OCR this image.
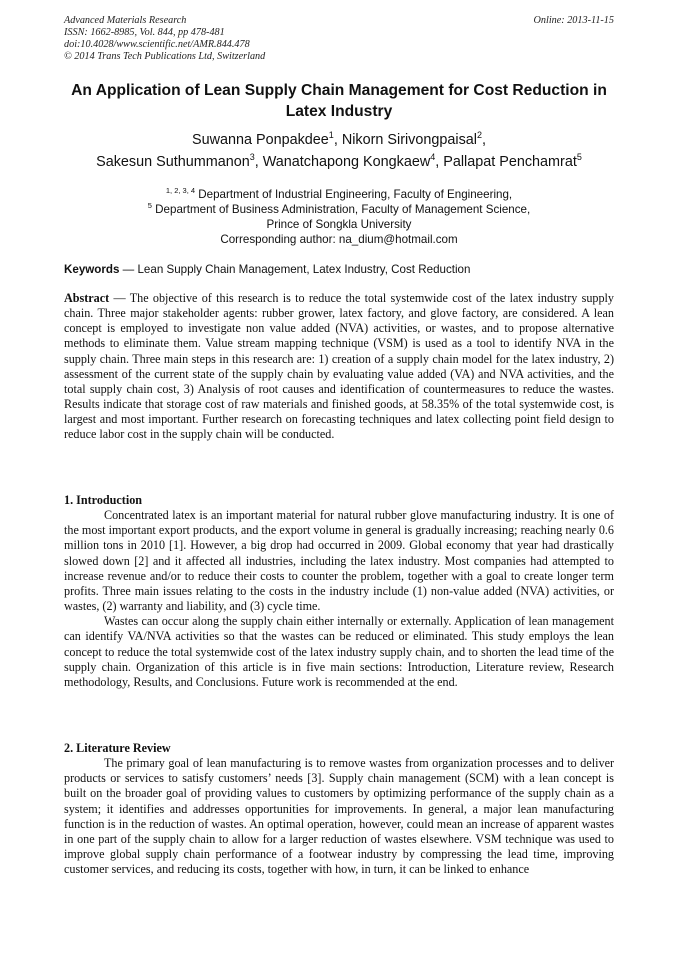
Advanced Materials Research
ISSN: 1662-8985, Vol. 844, pp 478-481
doi:10.4028/www.scientific.net/AMR.844.478
© 2014 Trans Tech Publications Ltd, Switzerland
Online: 2013-11-15
An Application of Lean Supply Chain Management for Cost Reduction in Latex Industry
Suwanna Ponpakdee$^1$, Nikorn Sirivongpaisal$^2$,
Sakesun Suthummanon$^3$, Wanatchapong Kongkaew$^4$, Pallapat Penchamrat$^5$
$^{1, 2, 3, 4}$ Department of Industrial Engineering, Faculty of Engineering,
$^5$ Department of Business Administration, Faculty of Management Science,
Prince of Songkla University
Corresponding author: na_dium@hotmail.com
Keywords — Lean Supply Chain Management, Latex Industry, Cost Reduction
Abstract — The objective of this research is to reduce the total systemwide cost of the latex industry supply chain. Three major stakeholder agents: rubber grower, latex factory, and glove factory, are considered. A lean concept is employed to investigate non value added (NVA) activities, or wastes, and to propose alternative methods to eliminate them. Value stream mapping technique (VSM) is used as a tool to identify NVA in the supply chain. Three main steps in this research are: 1) creation of a supply chain model for the latex industry, 2) assessment of the current state of the supply chain by evaluating value added (VA) and NVA activities, and the total supply chain cost, 3) Analysis of root causes and identification of countermeasures to reduce the wastes. Results indicate that storage cost of raw materials and finished goods, at 58.35% of the total systemwide cost, is largest and most important. Further research on forecasting techniques and latex collecting point field design to reduce labor cost in the supply chain will be conducted.
1. Introduction

Concentrated latex is an important material for natural rubber glove manufacturing industry. It is one of the most important export products, and the export volume in general is gradually increasing; reaching nearly 0.6 million tons in 2010 [1]. However, a big drop had occurred in 2009. Global economy that year had drastically slowed down [2] and it affected all industries, including the latex industry. Most companies had attempted to increase revenue and/or to reduce their costs to counter the problem, together with a goal to create longer term profits. Three main issues relating to the costs in the industry include (1) non-value added (NVA) activities, or wastes, (2) warranty and liability, and (3) cycle time.

Wastes can occur along the supply chain either internally or externally. Application of lean management can identify VA/NVA activities so that the wastes can be reduced or eliminated. This study employs the lean concept to reduce the total systemwide cost of the latex industry supply chain, and to shorten the lead time of the supply chain. Organization of this article is in five main sections: Introduction, Literature review, Research methodology, Results, and Conclusions. Future work is recommended at the end.

2. Literature Review

The primary goal of lean manufacturing is to remove wastes from organization processes and to deliver products or services to satisfy customers’ needs [3]. Supply chain management (SCM) with a lean concept is built on the broader goal of providing values to customers by optimizing performance of the supply chain as a system; it identifies and addresses opportunities for improvements. In general, a major lean manufacturing function is in the reduction of wastes. An optimal operation, however, could mean an increase of apparent wastes in one part of the supply chain to allow for a larger reduction of wastes elsewhere. VSM technique was used to improve global supply chain performance of a footwear industry by compressing the lead time, improving customer services, and reducing its costs, together with how, in turn, it can be linked to enhance
